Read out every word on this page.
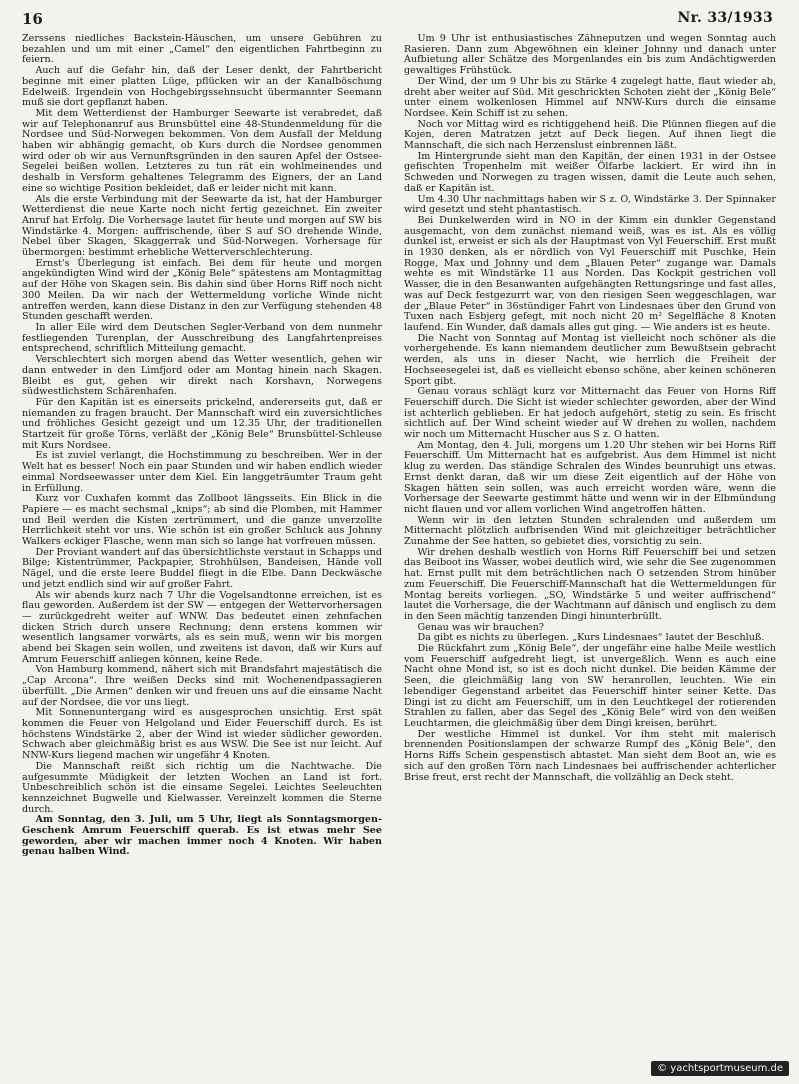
16	Nr. 33/1933

Zerssens niedliches Backstein-Häuschen, um unsere Gebühren zu bezahlen und um mit einer „Camel“ den eigentlichen Fahrtbeginn zu feiern.

Auch auf die Gefahr hin, daß der Leser denkt, der Fahrtbericht beginne mit einer platten Lüge, pflücken wir an der Kanalböschung Edelweiß. Irgendein von Hochgebirgssehnsucht übermannter Seemann muß sie dort gepflanzt haben.

Mit dem Wetterdienst der Hamburger Seewarte ist verabredet, daß wir auf Telephonanruf aus Brunsbüttel eine 48-Stundenmeldung für die Nordsee und Süd-Norwegen bekommen. Von dem Ausfall der Meldung haben wir abhängig gemacht, ob Kurs durch die Nordsee genommen wird oder ob wir aus Vernunftsgründen in den sauren Apfel der Ostsee-Segelei beißen wollen. Letzteres zu tun rät ein wohlmeinendes und deshalb in Versform gehaltenes Telegramm des Eigners, der an Land eine so wichtige Position bekleidet, daß er leider nicht mit kann.

Als die erste Verbindung mit der Seewarte da ist, hat der Hamburger Wetterdienst die neue Karte noch nicht fertig gezeichnet. Ein zweiter Anruf hat Erfolg. Die Vorhersage lautet für heute und morgen auf SW bis Windstärke 4. Morgen: auffrischende, über S auf SO drehende Winde, Nebel über Skagen, Skaggerrak und Süd-Norwegen. Vorhersage für übermorgen: bestimmt erhebliche Wetterverschlechterung.

Ernst's Überlegung ist einfach. Bei dem für heute und morgen angekündigten Wind wird der „König Bele“ spätestens am Montagmittag auf der Höhe von Skagen sein. Bis dahin sind über Horns Riff noch nicht 300 Meilen. Da wir nach der Wettermeldung vorliche Winde nicht antreffen werden, kann diese Distanz in den zur Verfügung stehenden 48 Stunden geschafft werden.

In aller Eile wird dem Deutschen Segler-Verband von dem nunmehr festliegenden Turenplan, der Ausschreibung des Langfahrtenpreises entsprechend, schriftlich Mitteilung gemacht.

Verschlechtert sich morgen abend das Wetter wesentlich, gehen wir dann entweder in den Limfjord oder am Montag hinein nach Skagen. Bleibt es gut, gehen wir direkt nach Korshavn, Norwegens südwestlichstem Schärenhafen.

Für den Kapitän ist es einerseits prickelnd, andererseits gut, daß er niemanden zu fragen braucht. Der Mannschaft wird ein zuversichtliches und fröhliches Gesicht gezeigt und um 12.35 Uhr, der traditionellen Startzeit für große Törns, verläßt der „König Bele“ Brunsbüttel-Schleuse mit Kurs Nordsee.

Es ist zuviel verlangt, die Hochstimmung zu beschreiben. Wer in der Welt hat es besser! Noch ein paar Stunden und wir haben endlich wieder einmal Nordseewasser unter dem Kiel. Ein langgeträumter Traum geht in Erfüllung.

Kurz vor Cuxhafen kommt das Zollboot längsseits. Ein Blick in die Papiere — es macht sechsmal „knips“; ab sind die Plomben, mit Hammer und Beil werden die Kisten zertrümmert, und die ganze unverzollte Herrlichkeit steht vor uns. Wie schön ist ein großer Schluck aus Johnny Walkers eckiger Flasche, wenn man sich so lange hat vorfreuen müssen.

Der Proviant wandert auf das übersichtlichste verstaut in Schapps und Bilge; Kistentrümmer, Packpapier, Strohhülsen, Bandeisen, Hände voll Nägel, und die erste leere Buddel fliegt in die Elbe. Dann Deckwäsche und jetzt endlich sind wir auf großer Fahrt.

Als wir abends kurz nach 7 Uhr die Vogelsandtonne erreichen, ist es flau geworden. Außerdem ist der SW — entgegen der Wettervorhersagen — zurückgedreht weiter auf WNW. Das bedeutet einen zehnfachen dicken Strich durch unsere Rechnung; denn erstens kommen wir wesentlich langsamer vorwärts, als es sein muß, wenn wir bis morgen abend bei Skagen sein wollen, und zweitens ist davon, daß wir Kurs auf Amrum Feuerschiff anliegen können, keine Rede.

Von Hamburg kommend, nähert sich mit Brandsfahrt majestätisch die „Cap Arcona“. Ihre weißen Decks sind mit Wochenendpassagieren überfüllt. „Die Armen“ denken wir und freuen uns auf die einsame Nacht auf der Nordsee, die vor uns liegt.

Mit Sonnenuntergang wird es ausgesprochen unsichtig. Erst spät kommen die Feuer von Helgoland und Eider Feuerschiff durch. Es ist höchstens Windstärke 2, aber der Wind ist wieder südlicher geworden. Schwach aber gleichmäßig brist es aus WSW. Die See ist nur leicht. Auf NNW-Kurs liegend machen wir ungefähr 4 Knoten.

Die Mannschaft reißt sich richtig um die Nachtwache. Die aufgesummte Müdigkeit der letzten Wochen an Land ist fort. Unbeschreiblich schön ist die einsame Segelei. Leichtes Seeleuchten kennzeichnet Bugwelle und Kielwasser. Vereinzelt kommen die Sterne durch.

Am Sonntag, den 3. Juli, um 5 Uhr, liegt als Sonntagsmorgen-Geschenk Amrum Feuerschiff querab. Es ist etwas mehr See geworden, aber wir machen immer noch 4 Knoten. Wir haben genau halben Wind.

Um 9 Uhr ist enthusiastisches Zähneputzen und wegen Sonntag auch Rasieren. Dann zum Abgewöhnen ein kleiner Johnny und danach unter Aufbietung aller Schätze des Morgenlandes ein bis zum Andächtigwerden gewaltiges Frühstück.

Der Wind, der um 9 Uhr bis zu Stärke 4 zugelegt hatte, flaut wieder ab, dreht aber weiter auf Süd. Mit geschrickten Schoten zieht der „König Bele“ unter einem wolkenlosen Himmel auf NNW-Kurs durch die einsame Nordsee. Kein Schiff ist zu sehen.

Noch vor Mittag wird es richtiggehend heiß. Die Plünnen fliegen auf die Kojen, deren Matratzen jetzt auf Deck liegen. Auf ihnen liegt die Mannschaft, die sich nach Herzenslust einbrennen läßt.

Im Hintergrunde sieht man den Kapitän, der einen 1931 in der Ostsee gefischten Tropenhelm mit weißer Ölfarbe lackiert. Er wird ihn in Schweden und Norwegen zu tragen wissen, damit die Leute auch sehen, daß er Kapitän ist.

Um 4.30 Uhr nachmittags haben wir S z. O, Windstärke 3. Der Spinnaker wird gesetzt und steht phantastisch.

Bei Dunkelwerden wird in NO in der Kimm ein dunkler Gegenstand ausgemacht, von dem zunächst niemand weiß, was es ist. Als es völlig dunkel ist, erweist er sich als der Hauptmast von Vyl Feuerschiff. Erst mußt in 1930 denken, als er nördlich von Vyl Feuerschiff mit Puschke, Hein Rogge, Max und Johnny und dem „Blauen Peter“ zugange war. Damals wehte es mit Windstärke 11 aus Norden. Das Kockpit gestrichen voll Wasser, die in den Besanwanten aufgehängten Rettungsringe und fast alles, was auf Deck festgezurrt war, von den riesigen Seen weggeschlagen, war der „Blaue Peter“ in 36stündiger Fahrt von Lindesnaes über den Grund von Tuxen nach Esbjerg gefegt, mit noch nicht 20 m² Segelfläche 8 Knoten laufend. Ein Wunder, daß damals alles gut ging. — Wie anders ist es heute.

Die Nacht von Sonntag auf Montag ist vielleicht noch schöner als die vorhergehende. Es kann niemandem deutlicher zum Bewußtsein gebracht werden, als uns in dieser Nacht, wie herrlich die Freiheit der Hochseesegelei ist, daß es vielleicht ebenso schöne, aber keinen schöneren Sport gibt.

Genau voraus schlägt kurz vor Mitternacht das Feuer von Horns Riff Feuerschiff durch. Die Sicht ist wieder schlechter geworden, aber der Wind ist achterlich geblieben. Er hat jedoch aufgehört, stetig zu sein. Es frischt sichtlich auf. Der Wind scheint wieder auf W drehen zu wollen, nachdem wir noch um Mitternacht Huscher aus S z. O hatten.

Am Montag, den 4. Juli, morgens um 1.20 Uhr stehen wir bei Horns Riff Feuerschiff. Um Mitternacht hat es aufgebrist. Aus dem Himmel ist nicht klug zu werden. Das ständige Schralen des Windes beunruhigt uns etwas. Ernst denkt daran, daß wir um diese Zeit eigentlich auf der Höhe von Skagen hätten sein sollen, was auch erreicht worden wäre, wenn die Vorhersage der Seewarte gestimmt hätte und wenn wir in der Elbmündung nicht flauen und vor allem vorlichen Wind angetroffen hätten.

Wenn wir in den letzten Stunden schralenden und außerdem um Mitternacht plötzlich aufbrisenden Wind mit gleichzeitiger beträchtlicher Zunahme der See hatten, so gebietet dies, vorsichtig zu sein.

Wir drehen deshalb westlich von Horns Riff Feuerschiff bei und setzen das Beiboot ins Wasser, wobei deutlich wird, wie sehr die See zugenommen hat. Ernst pullt mit dem beträchtlichen nach O setzenden Strom hinüber zum Feuerschiff. Die Feuerschiff-Mannschaft hat die Wettermeldungen für Montag bereits vorliegen. „SO, Windstärke 5 und weiter auffrischend“ lautet die Vorhersage, die der Wachtmann auf dänisch und englisch zu dem in den Seen mächtig tanzenden Dingi hinunterbrüllt.

Genau was wir brauchen?

Da gibt es nichts zu überlegen. „Kurs Lindesnaes“ lautet der Beschluß.

Die Rückfahrt zum „König Bele“, der ungefähr eine halbe Meile westlich vom Feuerschiff aufgedreht liegt, ist unvergeßlich. Wenn es auch eine Nacht ohne Mond ist, so ist es doch nicht dunkel. Die beiden Kämme der Seen, die gleichmäßig lang von SW heranrollen, leuchten. Wie ein lebendiger Gegenstand arbeitet das Feuerschiff hinter seiner Kette. Das Dingi ist zu dicht am Feuerschiff, um in den Leuchtkegel der rotierenden Strahlen zu fallen, aber das Segel des „König Bele“ wird von den weißen Leuchtarmen, die gleichmäßig über dem Dingi kreisen, berührt.

Der westliche Himmel ist dunkel. Vor ihm steht mit malerisch brennenden Positionslampen der schwarze Rumpf des „König Bele“, den Horns Riffs Schein gespenstisch abtastet. Man sieht dem Boot an, wie es sich auf den großen Törn nach Lindesnaes bei auffrischender achterlicher Brise freut, erst recht der Mannschaft, die vollzählig an Deck steht.

© yachtsportmuseum.de
